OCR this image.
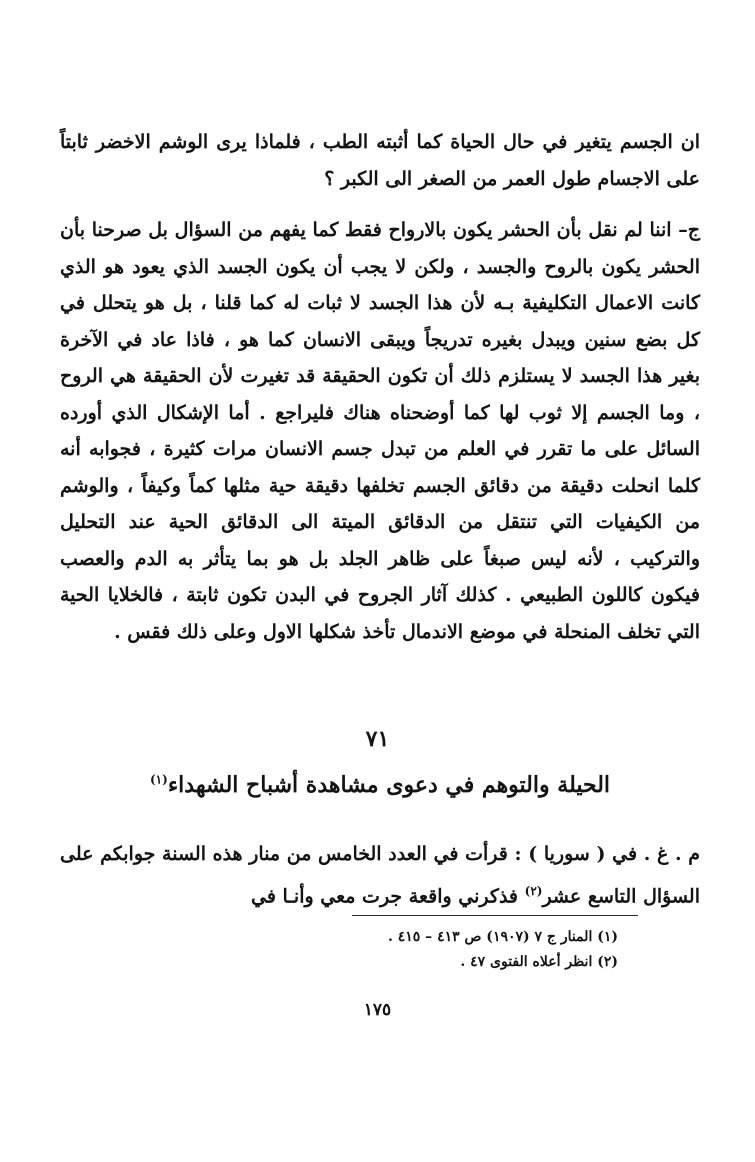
ان الجسم يتغير في حال الحياة كما أثبته الطب ، فلماذا يرى الوشم الاخضر ثابتاً على الاجسام طول العمر من الصغر الى الكبر ؟

ج– اننا لم نقل بأن الحشر يكون بالارواح فقط كما يفهم من السؤال بل صرحنا بأن الحشر يكون بالروح والجسد ، ولكن لا يجب أن يكون الجسد الذي يعود هو الذي كانت الاعمال التكليفية بـه لأن هذا الجسد لا ثبات له كما قلنا ، بل هو يتحلل في كل بضع سنين ويبدل بغيره تدريجاً ويبقى الانسان كما هو ، فاذا عاد في الآخرة بغير هذا الجسد لا يستلزم ذلك أن تكون الحقيقة قد تغيرت لأن الحقيقة هي الروح ، وما الجسم إلا ثوب لها كما أوضحناه هناك فليراجع . أما الإشكال الذي أورده السائل على ما تقرر في العلم من تبدل جسم الانسان مرات كثيرة ، فجوابه أنه كلما انحلت دقيقة من دقائق الجسم تخلفها دقيقة حية مثلها كماً وكيفاً ، والوشم من الكيفيات التي تنتقل من الدقائق الميتة الى الدقائق الحية عند التحليل والتركيب ، لأنه ليس صبغاً على ظاهر الجلد بل هو بما يتأثر به الدم والعصب فيكون كاللون الطبيعي . كذلك آثار الجروح في البدن تكون ثابتة ، فالخلايا الحية التي تخلف المنحلة في موضع الاندمال تأخذ شكلها الاول وعلى ذلك فقس .

٧١

الحيلة والتوهم في دعوى مشاهدة أشباح الشهداء$^{(١)}$

م . غ . في ( سوريا ) : قرأت في العدد الخامس من منار هذه السنة جوابكم على السؤال التاسع عشر$^{(٢)}$ فذكرني واقعة جرت معي وأنـا في

(١) المنار ج ٧ (١٩٠٧) ص ٤١٣ – ٤١٥ .
(٢) انظر أعلاه الفتوى ٤٧ .

١٧٥
